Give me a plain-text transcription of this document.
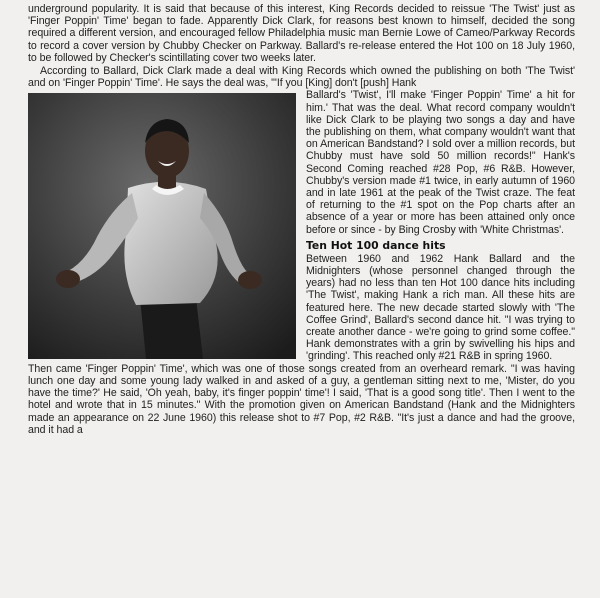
underground popularity. It is said that because of this interest, King Records decided to reissue 'The Twist' just as 'Finger Poppin' Time' began to fade. Apparently Dick Clark, for reasons best known to himself, decided the song required a different version, and encouraged fellow Philadelphia music man Bernie Lowe of Cameo/Parkway Records to record a cover version by Chubby Checker on Parkway. Ballard's re-release entered the Hot 100 on 18 July 1960, to be followed by Checker's scintillating cover two weeks later.

According to Ballard, Dick Clark made a deal with King Records which owned the publishing on both 'The Twist' and on 'Finger Poppin' Time'. He says the deal was, "'If you [King] don't [push] Hank

Ballard's 'Twist', I'll make 'Finger Poppin' Time' a hit for him.' That was the deal. What record company wouldn't like Dick Clark to be playing two songs a day and have the publishing on them, what company wouldn't want that on American Bandstand? I sold over a million records, but Chubby must have sold 50 million records!" Hank's Second Coming reached #28 Pop, #6 R&B. However, Chubby's version made #1 twice, in early autumn of 1960 and in late 1961 at the peak of the Twist craze. The feat of returning to the #1 spot on the Pop charts after an absence of a year or more has been attained only once before or since - by Bing Crosby with 'White Christmas'.

Ten Hot 100 dance hits

Between 1960 and 1962 Hank Ballard and the Midnighters (whose personnel changed through the years) had no less than ten Hot 100 dance hits including 'The Twist', making Hank a rich man. All these hits are featured here. The new decade started slowly with 'The Coffee Grind', Ballard's second dance hit. "I was trying to create another dance - we're going to grind some coffee." Hank demonstrates with a grin by swivelling his hips and 'grinding'. This reached only #21 R&B in spring 1960.

Then came 'Finger Poppin' Time', which was one of those songs created from an overheard remark. "I was having lunch one day and some young lady walked in and asked of a guy, a gentleman sitting next to me, 'Mister, do you have the time?' He said, 'Oh yeah, baby, it's finger poppin' time'! I said, 'That is a good song title'. Then I went to the hotel and wrote that in 15 minutes." With the promotion given on American Bandstand (Hank and the Midnighters made an appearance on 22 June 1960) this release shot to #7 Pop, #2 R&B. "It's just a dance and had the groove, and it had a
